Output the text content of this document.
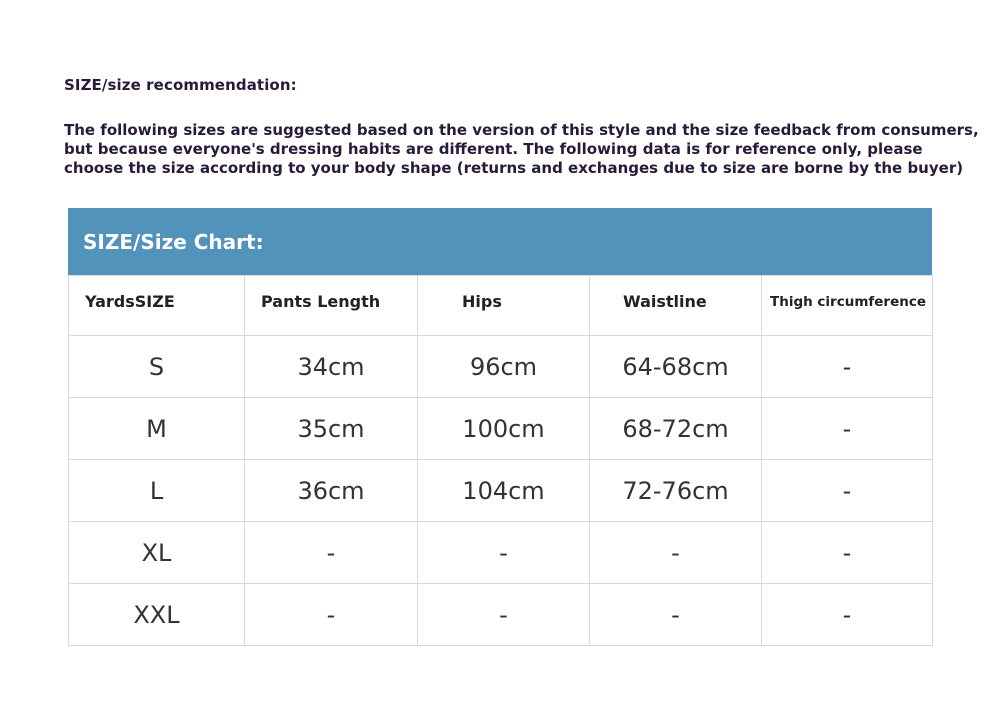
SIZE/size recommendation:
The following sizes are suggested based on the version of this style and the size feedback from consumers,
but because everyone's dressing habits are different. The following data is for reference only, please
choose the size according to your body shape (returns and exchanges due to size are borne by the buyer)
SIZE/Size Chart:
YardsSIZE	Pants Length	Hips	Waistline	Thigh circumference
S	34cm	96cm	64-68cm	-
M	35cm	100cm	68-72cm	-
L	36cm	104cm	72-76cm	-
XL	-	-	-	-
XXL	-	-	-	-
